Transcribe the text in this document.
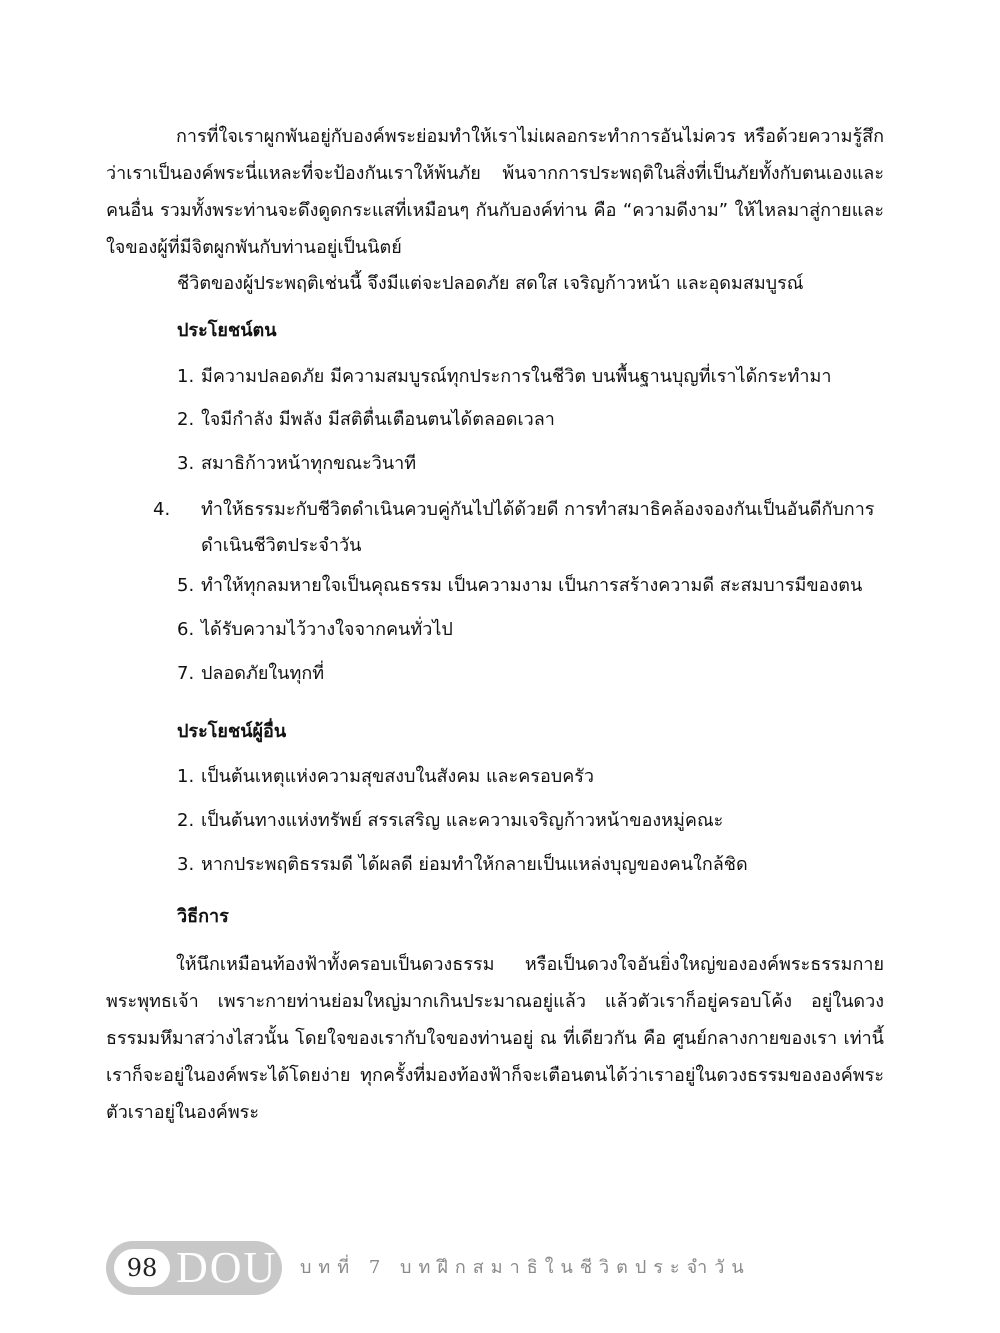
การที่ใจเราผูกพันอยู่กับองค์พระย่อมทำให้เราไม่เผลอกระทำการอันไม่ควร หรือด้วยความรู้สึกว่าเราเป็นองค์พระนี่แหละที่จะป้องกันเราให้พ้นภัย พ้นจากการประพฤติในสิ่งที่เป็นภัยทั้งกับตนเองและคนอื่น รวมทั้งพระท่านจะดึงดูดกระแสที่เหมือนๆ กันกับองค์ท่าน คือ “ความดีงาม” ให้ไหลมาสู่กายและใจของผู้ที่มีจิตผูกพันกับท่านอยู่เป็นนิตย์
ชีวิตของผู้ประพฤติเช่นนี้ จึงมีแต่จะปลอดภัย สดใส เจริญก้าวหน้า และอุดมสมบูรณ์
ประโยชน์ตน
1. มีความปลอดภัย มีความสมบูรณ์ทุกประการในชีวิต บนพื้นฐานบุญที่เราได้กระทำมา
2. ใจมีกำลัง มีพลัง มีสติตื่นเตือนตนได้ตลอดเวลา
3. สมาธิก้าวหน้าทุกขณะวินาที
4. ทำให้ธรรมะกับชีวิตดำเนินควบคู่กันไปได้ด้วยดี การทำสมาธิคล้องจองกันเป็นอันดีกับการดำเนินชีวิตประจำวัน
5. ทำให้ทุกลมหายใจเป็นคุณธรรม เป็นความงาม เป็นการสร้างความดี สะสมบารมีของตน
6. ได้รับความไว้วางใจจากคนทั่วไป
7. ปลอดภัยในทุกที่
ประโยชน์ผู้อื่น
1. เป็นต้นเหตุแห่งความสุขสงบในสังคม และครอบครัว
2. เป็นต้นทางแห่งทรัพย์ สรรเสริญ และความเจริญก้าวหน้าของหมู่คณะ
3. หากประพฤติธรรมดี ได้ผลดี ย่อมทำให้กลายเป็นแหล่งบุญของคนใกล้ชิด
วิธีการ
ให้นึกเหมือนท้องฟ้าทั้งครอบเป็นดวงธรรม หรือเป็นดวงใจอันยิ่งใหญ่ขององค์พระธรรมกายพระพุทธเจ้า เพราะกายท่านย่อมใหญ่มากเกินประมาณอยู่แล้ว แล้วตัวเราก็อยู่ครอบโค้ง อยู่ในดวงธรรมมหึมาสว่างไสวนั้น โดยใจของเรากับใจของท่านอยู่ ณ ที่เดียวกัน คือ ศูนย์กลางกายของเรา เท่านี้เราก็จะอยู่ในองค์พระได้โดยง่าย ทุกครั้งที่มองท้องฟ้าก็จะเตือนตนได้ว่าเราอยู่ในดวงธรรมขององค์พระ ตัวเราอยู่ในองค์พระ
98 DOU บทที่ 7 บทฝึกสมาธิในชีวิตประจำวัน
